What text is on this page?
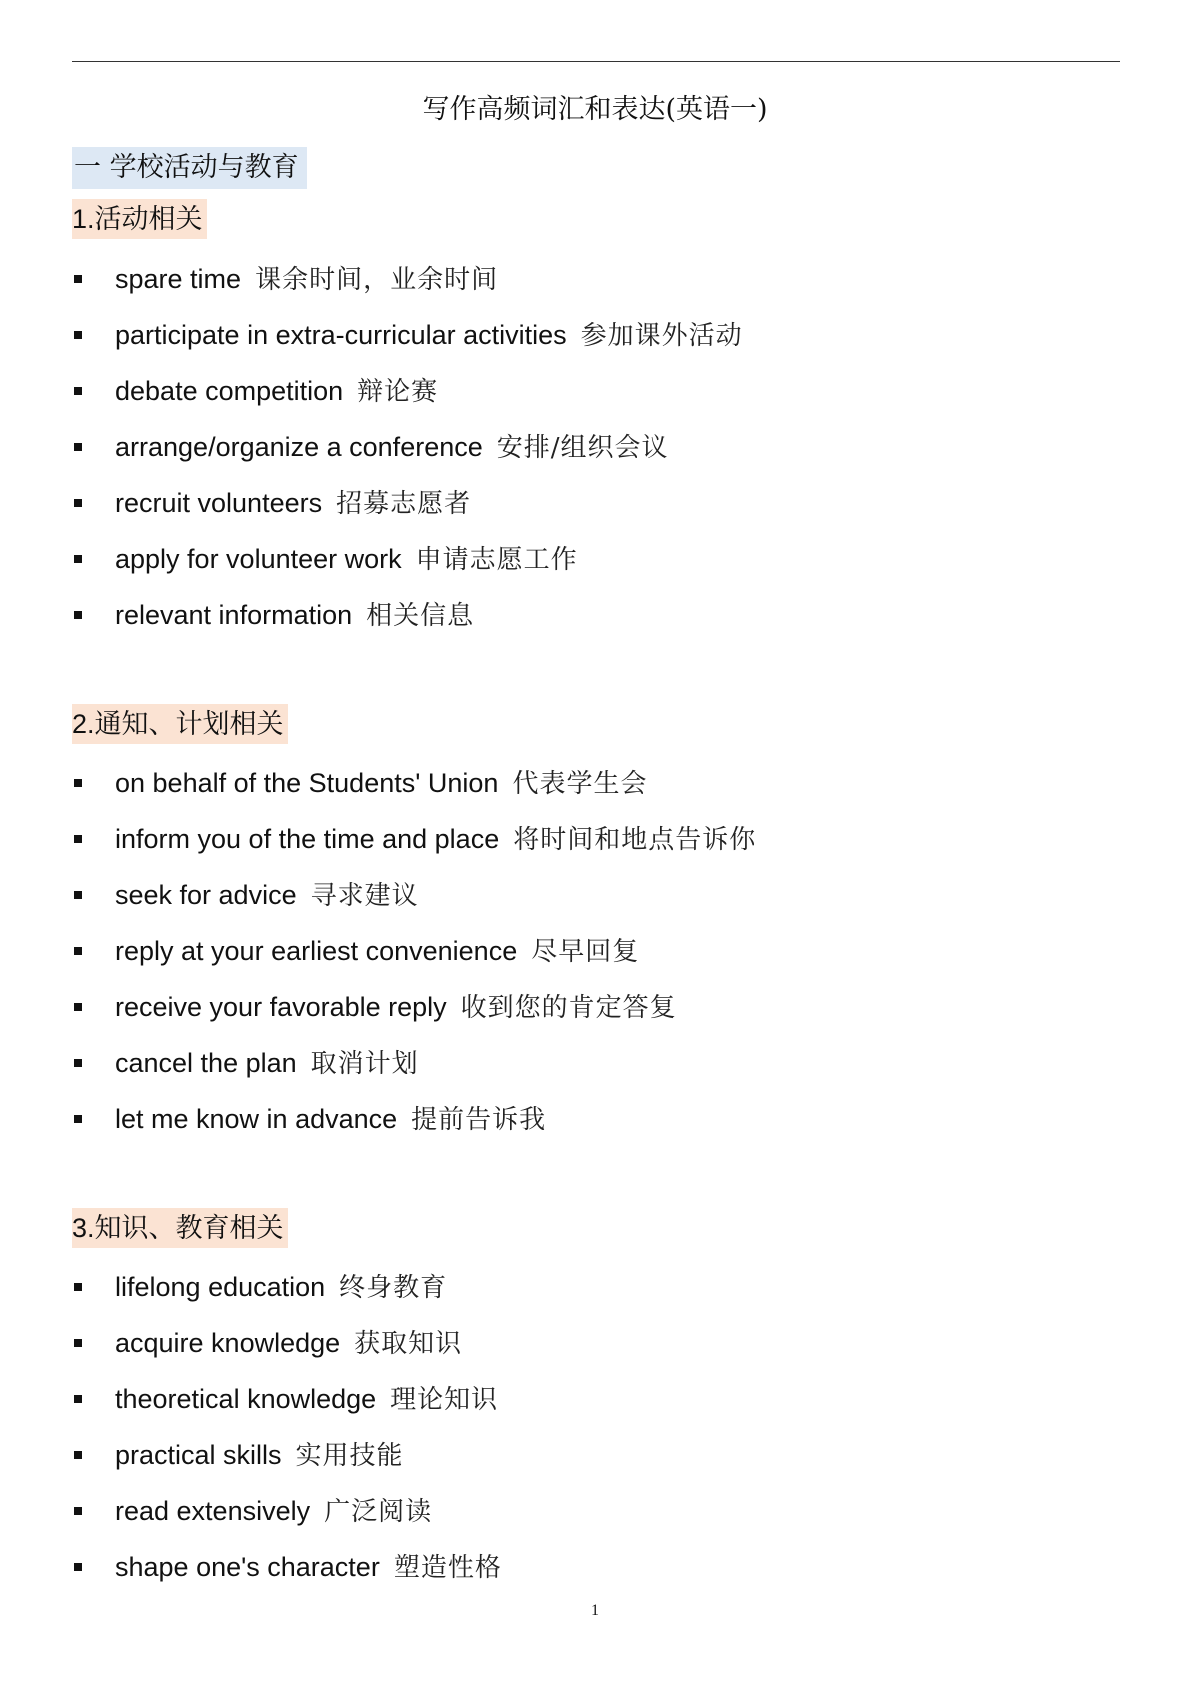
写作高频词汇和表达(英语一)
一 学校活动与教育
1.活动相关
spare time 课余时间，业余时间
participate in extra-curricular activities 参加课外活动
debate competition 辩论赛
arrange/organize a conference 安排/组织会议
recruit volunteers 招募志愿者
apply for volunteer work 申请志愿工作
relevant information 相关信息
2.通知、计划相关
on behalf of the Students' Union 代表学生会
inform you of the time and place 将时间和地点告诉你
seek for advice 寻求建议
reply at your earliest convenience 尽早回复
receive your favorable reply 收到您的肯定答复
cancel the plan 取消计划
let me know in advance 提前告诉我
3.知识、教育相关
lifelong education 终身教育
acquire knowledge 获取知识
theoretical knowledge 理论知识
practical skills 实用技能
read extensively 广泛阅读
shape one's character 塑造性格
1
